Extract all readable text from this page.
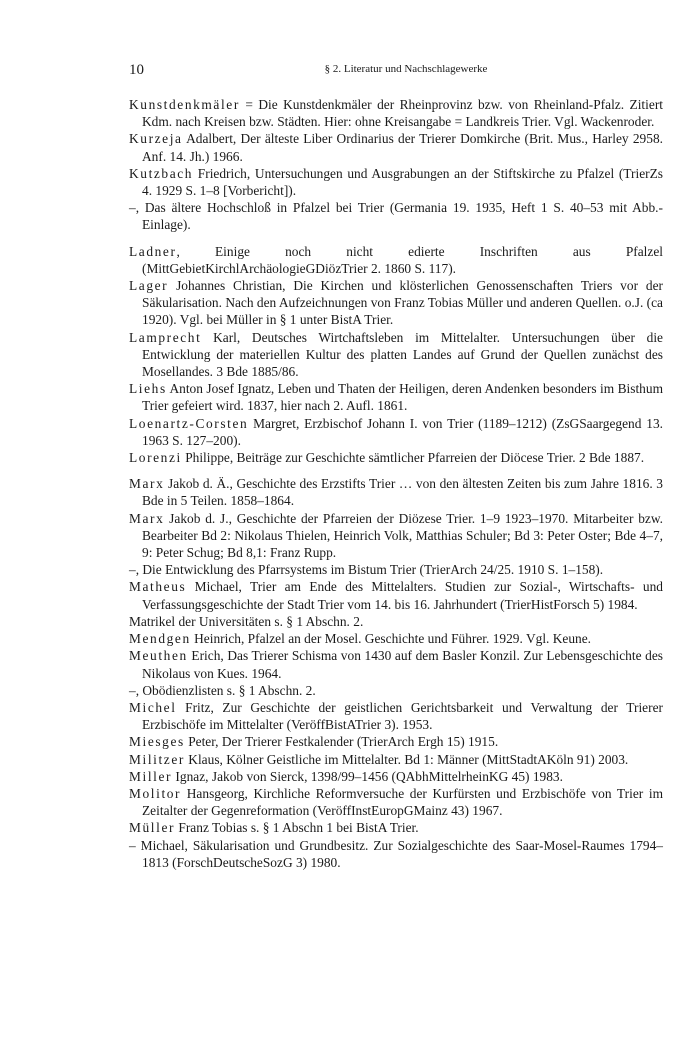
10	§ 2. Literatur und Nachschlagewerke

Kunstdenkmäler = Die Kunstdenkmäler der Rheinprovinz bzw. von Rheinland-Pfalz. Zitiert Kdm. nach Kreisen bzw. Städten. Hier: ohne Kreisangabe = Landkreis Trier. Vgl. Wackenroder.

Kurzeja Adalbert, Der älteste Liber Ordinarius der Trierer Domkirche (Brit. Mus., Harley 2958. Anf. 14. Jh.) 1966.

Kutzbach Friedrich, Untersuchungen und Ausgrabungen an der Stiftskirche zu Pfalzel (TrierZs 4. 1929 S. 1–8 [Vorbericht]).

–, Das ältere Hochschloß in Pfalzel bei Trier (Germania 19. 1935, Heft 1 S. 40–53 mit Abb.-Einlage).

Ladner, Einige noch nicht edierte Inschriften aus Pfalzel (MittGebietKirchlArchäologieGDiözTrier 2. 1860 S. 117).

Lager Johannes Christian, Die Kirchen und klösterlichen Genossenschaften Triers vor der Säkularisation. Nach den Aufzeichnungen von Franz Tobias Müller und anderen Quellen. o.J. (ca 1920). Vgl. bei Müller in § 1 unter BistA Trier.

Lamprecht Karl, Deutsches Wirtchaftsleben im Mittelalter. Untersuchungen über die Entwicklung der materiellen Kultur des platten Landes auf Grund der Quellen zunächst des Mosellandes. 3 Bde 1885/86.

Liehs Anton Josef Ignatz, Leben und Thaten der Heiligen, deren Andenken besonders im Bisthum Trier gefeiert wird. 1837, hier nach 2. Aufl. 1861.

Loenartz-Corsten Margret, Erzbischof Johann I. von Trier (1189–1212) (ZsGSaargegend 13. 1963 S. 127–200).

Lorenzi Philippe, Beiträge zur Geschichte sämtlicher Pfarreien der Diöcese Trier. 2 Bde 1887.

Marx Jakob d. Ä., Geschichte des Erzstifts Trier … von den ältesten Zeiten bis zum Jahre 1816. 3 Bde in 5 Teilen. 1858–1864.

Marx Jakob d. J., Geschichte der Pfarreien der Diözese Trier. 1–9 1923–1970. Mitarbeiter bzw. Bearbeiter Bd 2: Nikolaus Thielen, Heinrich Volk, Matthias Schuler; Bd 3: Peter Oster; Bde 4–7, 9: Peter Schug; Bd 8,1: Franz Rupp.

–, Die Entwicklung des Pfarrsystems im Bistum Trier (TrierArch 24/25. 1910 S. 1–158).

Matheus Michael, Trier am Ende des Mittelalters. Studien zur Sozial-, Wirtschafts- und Verfassungsgeschichte der Stadt Trier vom 14. bis 16. Jahrhundert (TrierHistForsch 5) 1984.

Matrikel der Universitäten s. § 1 Abschn. 2.

Mendgen Heinrich, Pfalzel an der Mosel. Geschichte und Führer. 1929. Vgl. Keune.

Meuthen Erich, Das Trierer Schisma von 1430 auf dem Basler Konzil. Zur Lebensgeschichte des Nikolaus von Kues. 1964.

–, Obödienzlisten s. § 1 Abschn. 2.

Michel Fritz, Zur Geschichte der geistlichen Gerichtsbarkeit und Verwaltung der Trierer Erzbischöfe im Mittelalter (VeröffBistATrier 3). 1953.

Miesges Peter, Der Trierer Festkalender (TrierArch Ergh 15) 1915.

Militzer Klaus, Kölner Geistliche im Mittelalter. Bd 1: Männer (MittStadtAKöln 91) 2003.

Miller Ignaz, Jakob von Sierck, 1398/99–1456 (QAbhMittelrheinKG 45) 1983.

Molitor Hansgeorg, Kirchliche Reformversuche der Kurfürsten und Erzbischöfe von Trier im Zeitalter der Gegenreformation (VeröffInstEuropGMainz 43) 1967.

Müller Franz Tobias s. § 1 Abschn 1 bei BistA Trier.

– Michael, Säkularisation und Grundbesitz. Zur Sozialgeschichte des Saar-Mosel-Raumes 1794–1813 (ForschDeutscheSozG 3) 1980.
